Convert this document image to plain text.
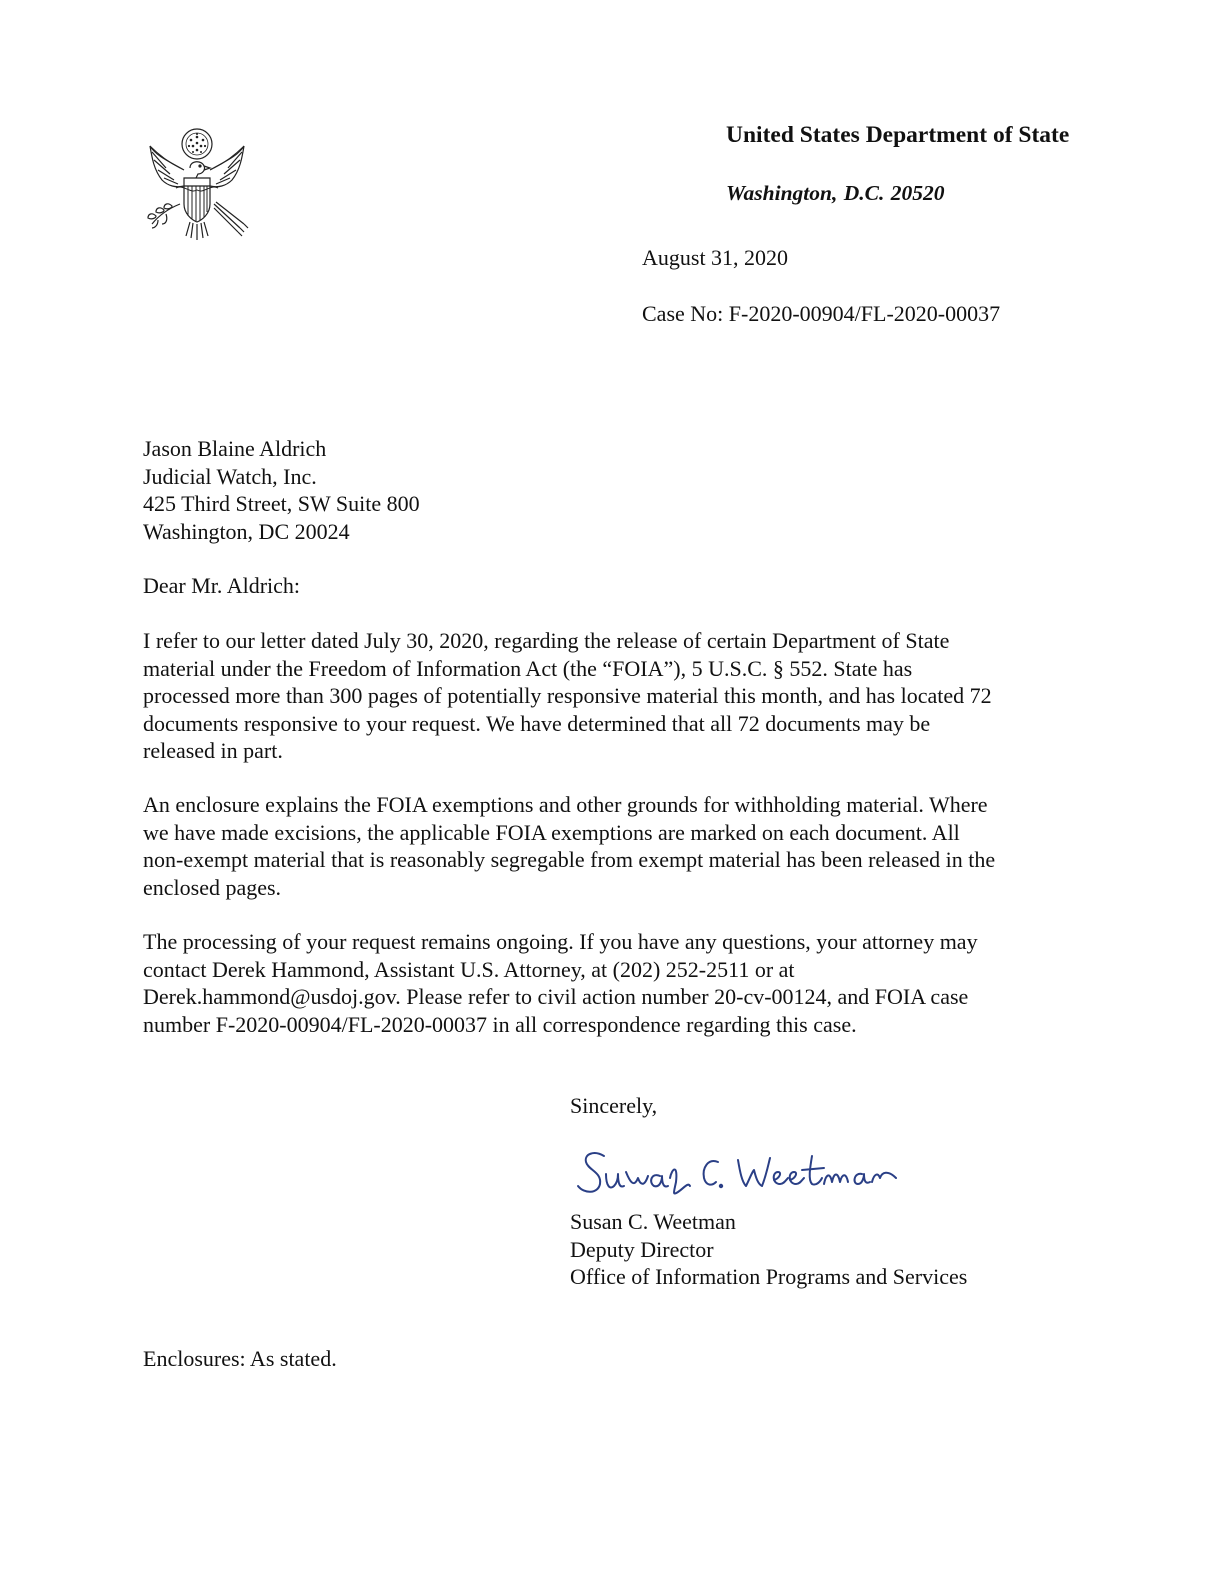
United States Department of State
Washington, D.C. 20520
August 31, 2020
Case No: F-2020-00904/FL-2020-00037
Jason Blaine Aldrich
Judicial Watch, Inc.
425 Third Street, SW Suite 800
Washington, DC 20024
Dear Mr. Aldrich:
I refer to our letter dated July 30, 2020, regarding the release of certain Department of State
material under the Freedom of Information Act (the “FOIA”), 5 U.S.C. § 552. State has
processed more than 300 pages of potentially responsive material this month, and has located 72
documents responsive to your request. We have determined that all 72 documents may be
released in part.
An enclosure explains the FOIA exemptions and other grounds for withholding material. Where
we have made excisions, the applicable FOIA exemptions are marked on each document. All
non-exempt material that is reasonably segregable from exempt material has been released in the
enclosed pages.
The processing of your request remains ongoing. If you have any questions, your attorney may
contact Derek Hammond, Assistant U.S. Attorney, at (202) 252-2511 or at
Derek.hammond@usdoj.gov. Please refer to civil action number 20-cv-00124, and FOIA case
number F-2020-00904/FL-2020-00037 in all correspondence regarding this case.
Sincerely,
Susan C. Weetman
Deputy Director
Office of Information Programs and Services
Enclosures: As stated.
